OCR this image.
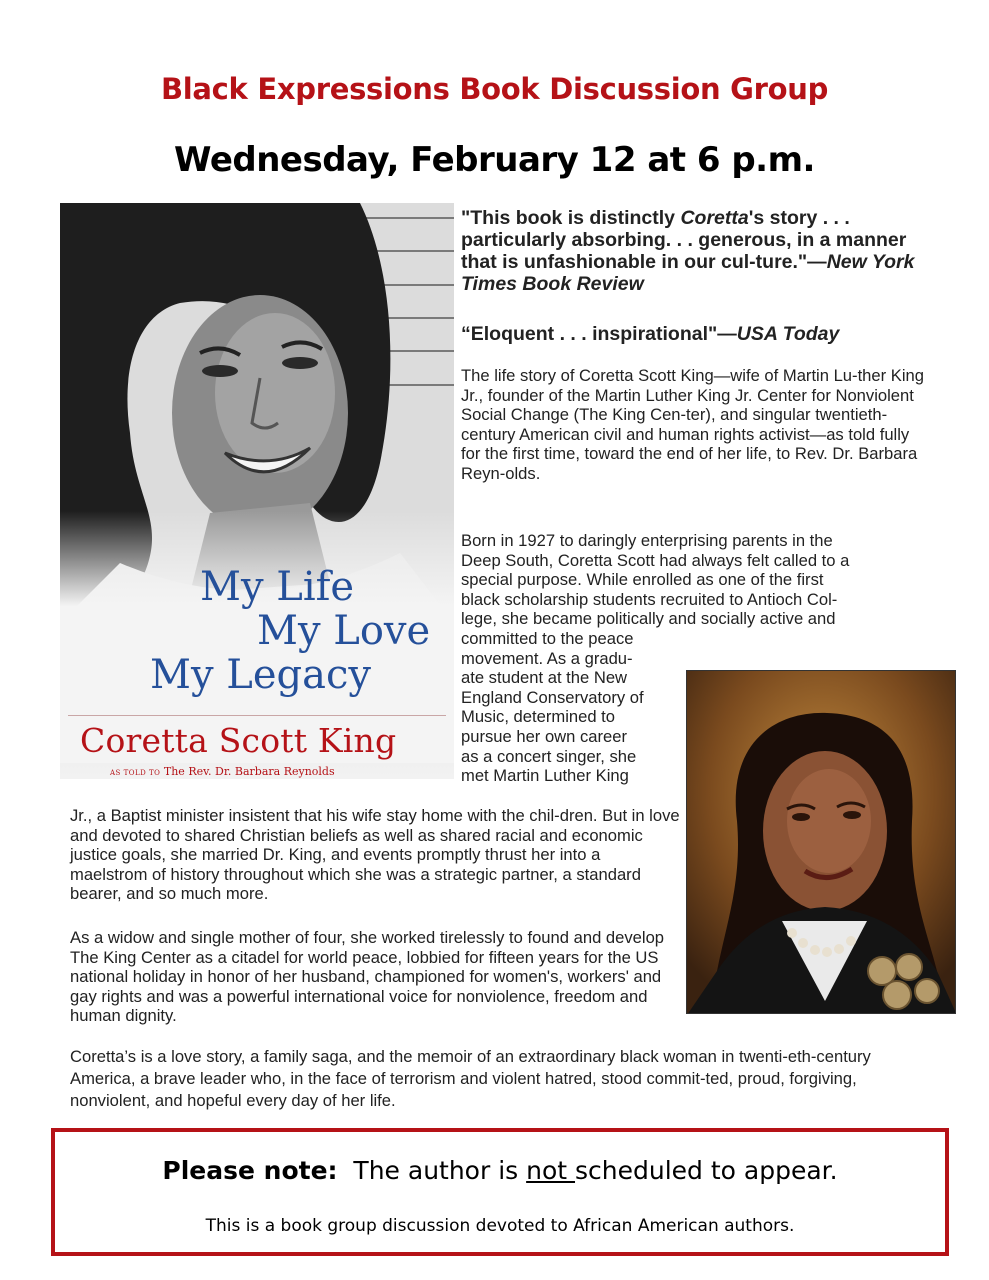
Black Expressions Book Discussion Group
Wednesday, February 12 at 6 p.m.
My Life
My Love
My Legacy
Coretta Scott King
AS TOLD TO The Rev. Dr. Barbara Reynolds
"This book is distinctly Coretta's story . . . particularly absorbing. . . generous, in a manner that is unfashionable in our cul-ture."—New York Times Book Review
“Eloquent . . . inspirational"—USA Today
The life story of Coretta Scott King—wife of Martin Lu-ther King Jr., founder of the Martin Luther King Jr. Center for Nonviolent Social Change (The King Cen-ter), and singular twentieth-century American civil and human rights activist—as told fully for the first time, toward the end of her life, to Rev. Dr. Barbara Reyn-olds.
Born in 1927 to daringly enterprising parents in the
Deep South, Coretta Scott had always felt called to a
special purpose. While enrolled as one of the first
black scholarship students recruited to Antioch Col-
lege, she became politically and socially active and
committed to the peace
movement. As a gradu-
ate student at the New
England Conservatory of
Music, determined to
pursue her own career
as a concert singer, she
met Martin Luther King
Jr., a Baptist minister insistent that his wife stay home with the chil-dren. But in love and devoted to shared Christian beliefs as well as shared racial and economic justice goals, she married Dr. King, and events promptly thrust her into a maelstrom of history throughout which she was a strategic partner, a standard bearer, and so much more.
As a widow and single mother of four, she worked tirelessly to found and develop The King Center as a citadel for world peace, lobbied for fifteen years for the US national holiday in honor of her husband, championed for women's, workers' and gay rights and was a powerful international voice for nonviolence, freedom and human dignity.
Coretta’s is a love story, a family saga, and the memoir of an extraordinary black woman in twenti-eth-century America, a brave leader who, in the face of terrorism and violent hatred, stood commit-ted, proud, forgiving, nonviolent, and hopeful every day of her life.
Please note:  The author is not scheduled to appear.
This is a book group discussion devoted to African American authors.
